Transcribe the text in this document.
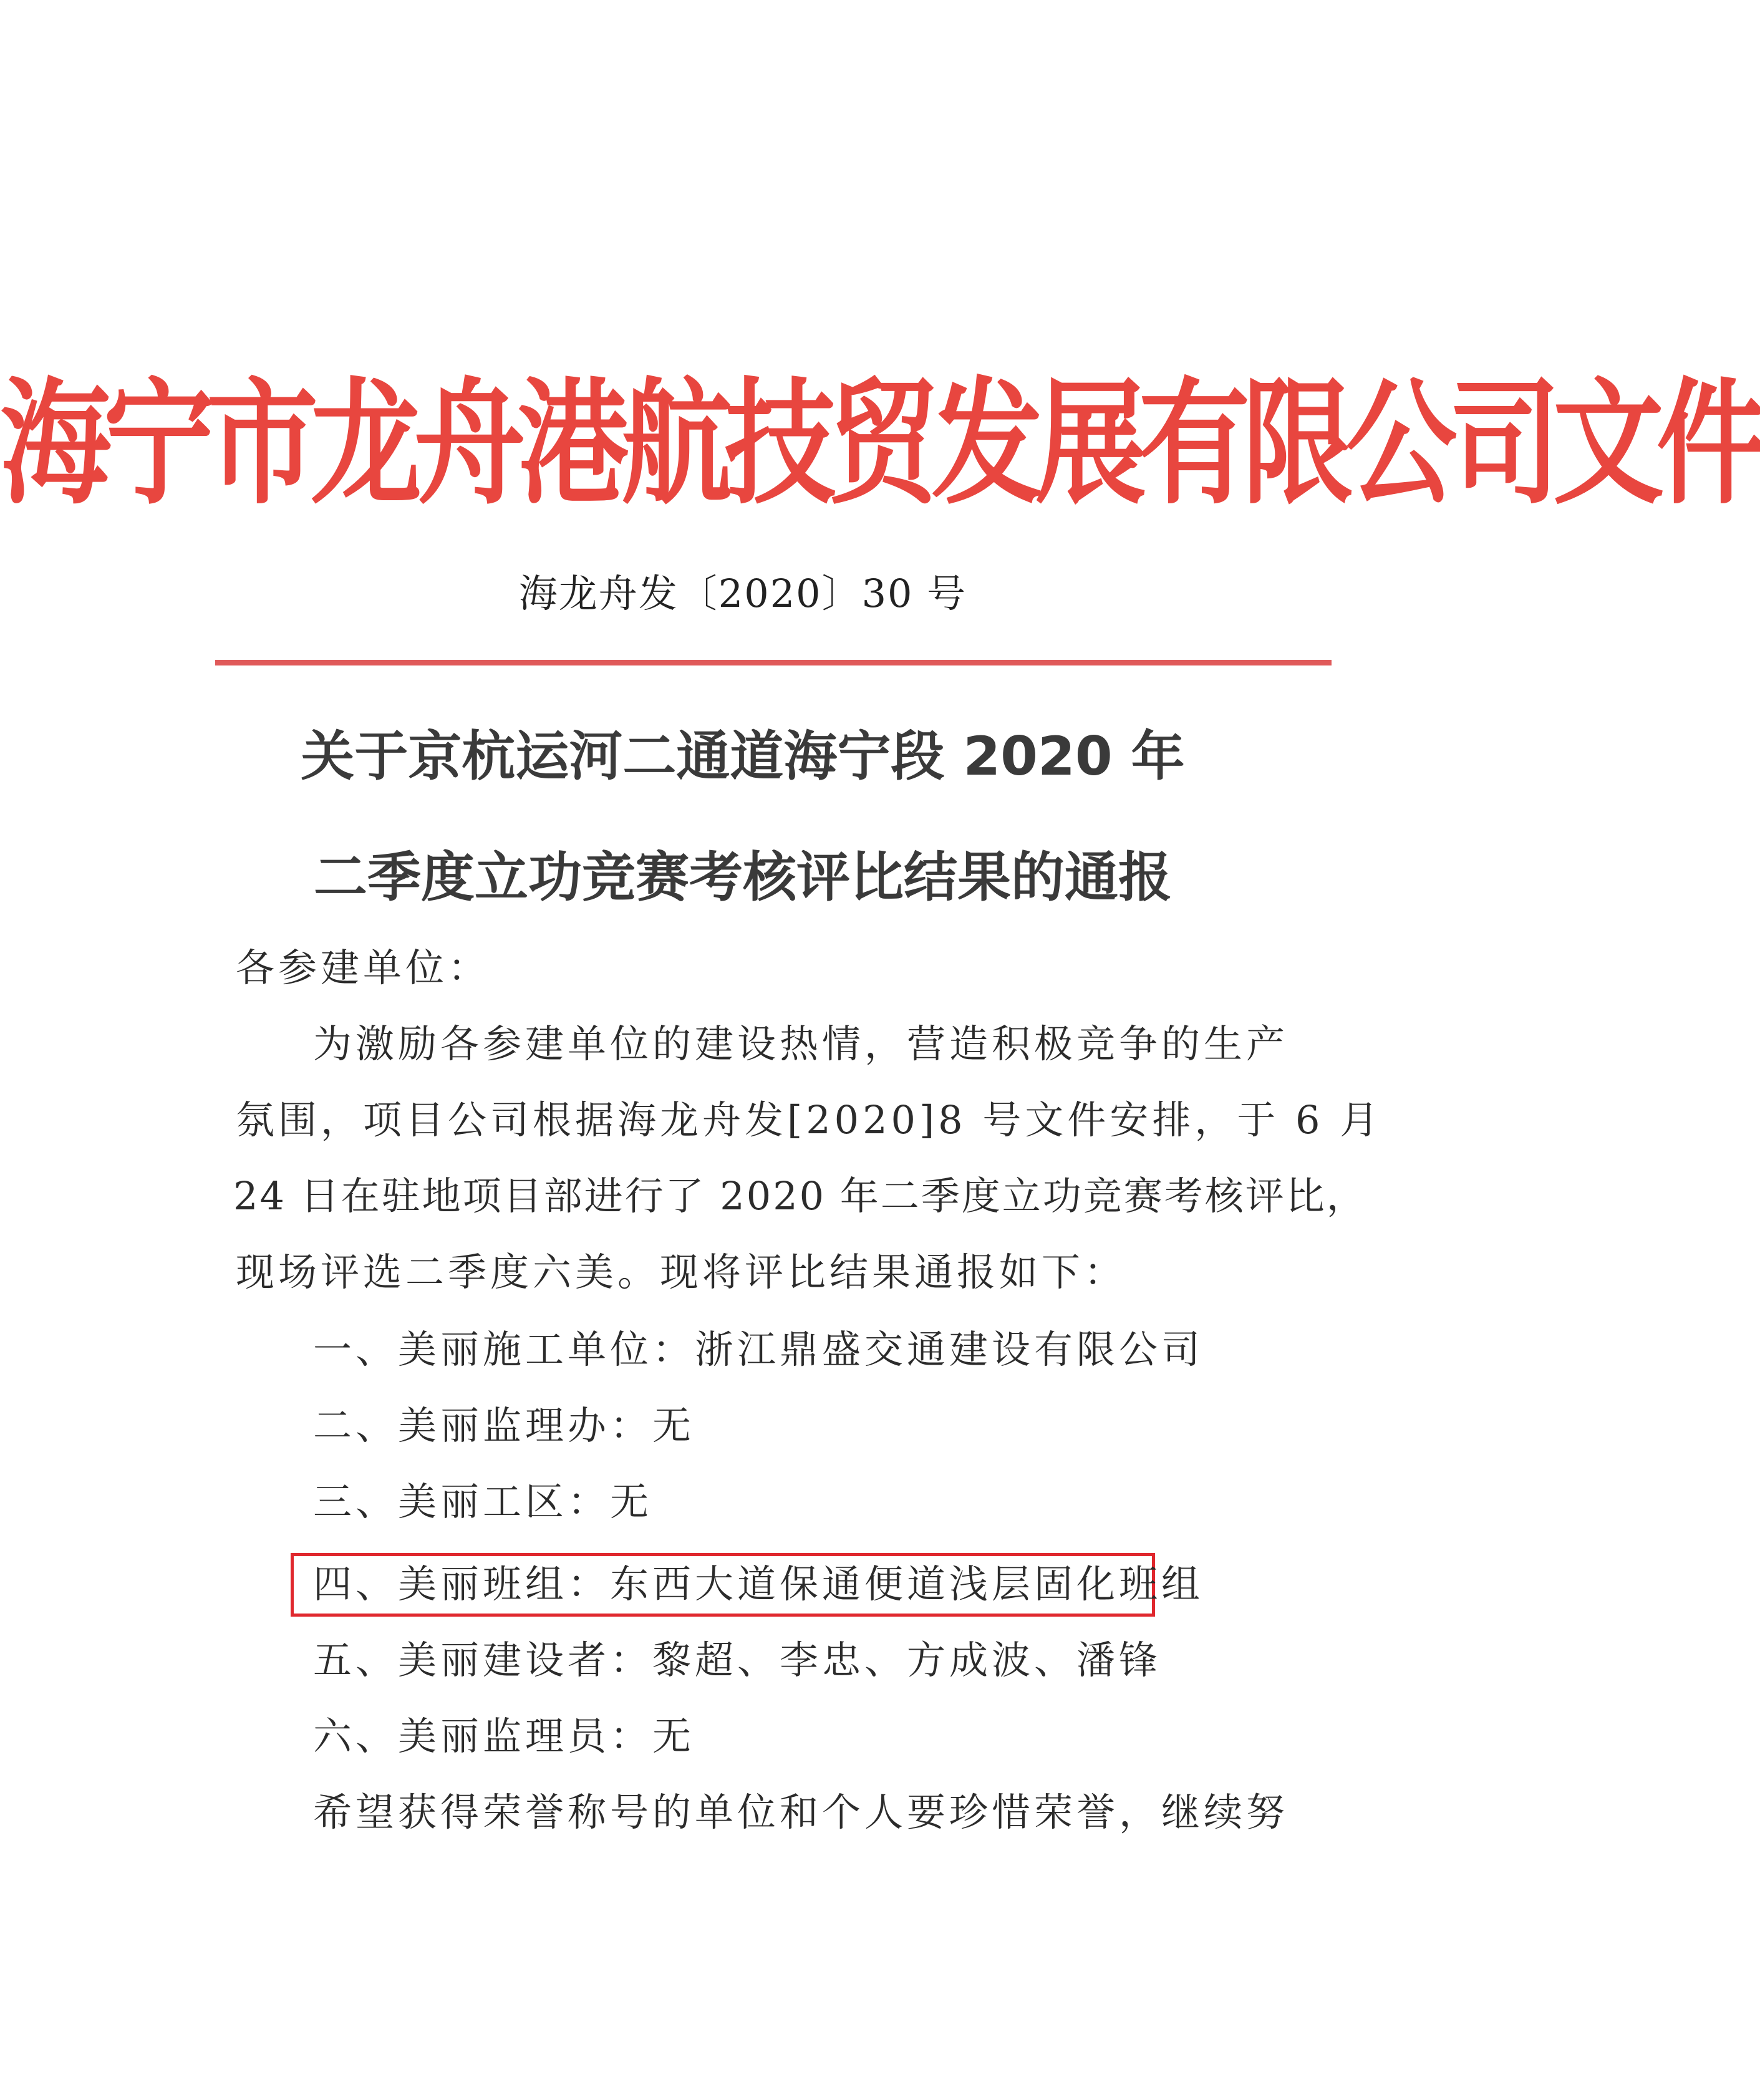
海宁市龙舟港航技贸发展有限公司文件
海龙舟发〔2020〕30 号
关于京杭运河二通道海宁段 2020 年
二季度立功竞赛考核评比结果的通报
各参建单位：
为激励各参建单位的建设热情，营造积极竞争的生产
氛围，项目公司根据海龙舟发[2020]8 号文件安排，于 6 月
24 日在驻地项目部进行了 2020 年二季度立功竞赛考核评比，
现场评选二季度六美。现将评比结果通报如下：
一、美丽施工单位：浙江鼎盛交通建设有限公司
二、美丽监理办：无
三、美丽工区：无
四、美丽班组：东西大道保通便道浅层固化班组
五、美丽建设者：黎超、李忠、方成波、潘锋
六、美丽监理员：无
希望获得荣誉称号的单位和个人要珍惜荣誉，继续努
